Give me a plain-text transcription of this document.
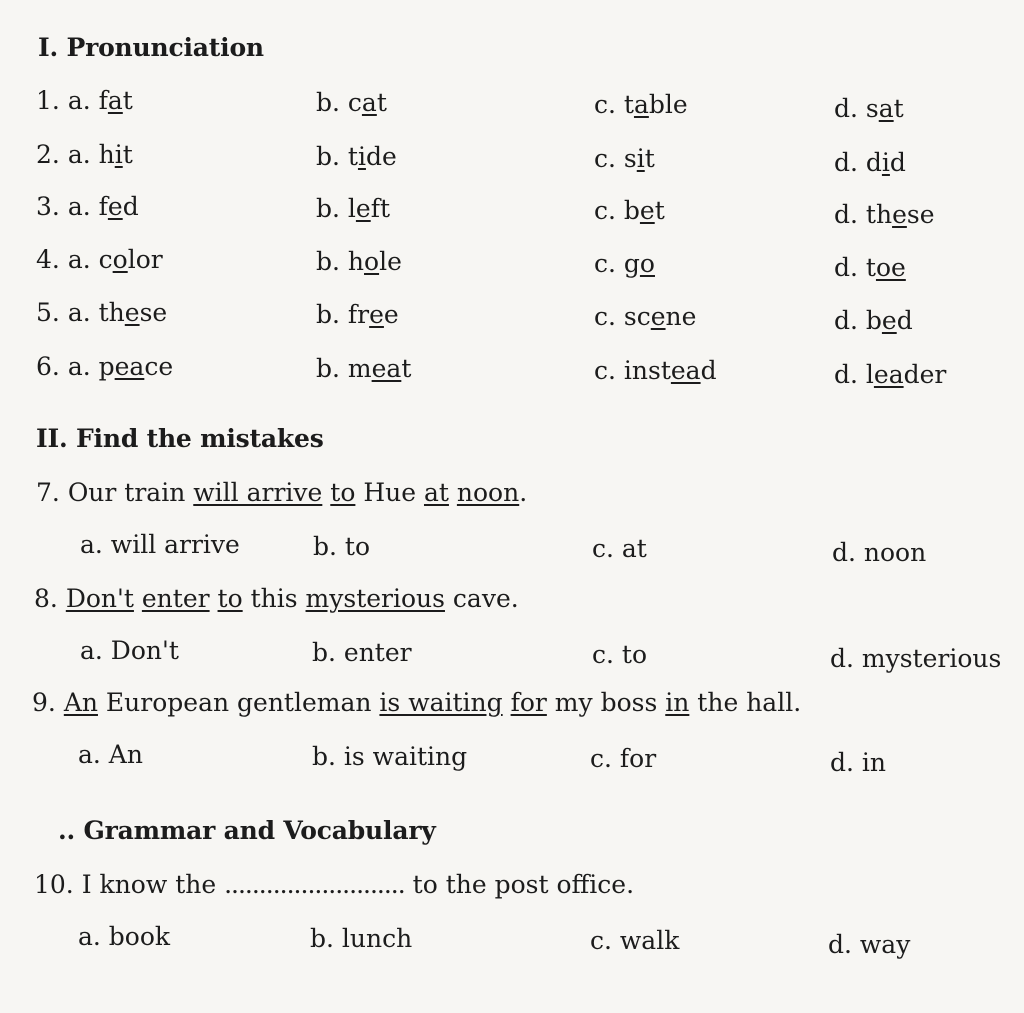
I. Pronunciation
1. a. fat	b. cat	c. table	d. sat
2. a. hit	b. tide	c. sit	d. did
3. a. fed	b. left	c. bet	d. these
4. a. color	b. hole	c. go	d. toe
5. a. these	b. free	c. scene	d. bed
6. a. peace	b. meat	c. instead	d. leader
II. Find the mistakes
7. Our train will arrive to Hue at noon.
a. will arrive	b. to	c. at	d. noon
8. Don't enter to this mysterious cave.
a. Don't	b. enter	c. to	d. mysterious
9. An European gentleman is waiting for my boss in the hall.
a. An	b. is waiting	c. for	d. in
.. Grammar and Vocabulary
10. I know the .......................... to the post office.
a. book	b. lunch	c. walk	d. way
